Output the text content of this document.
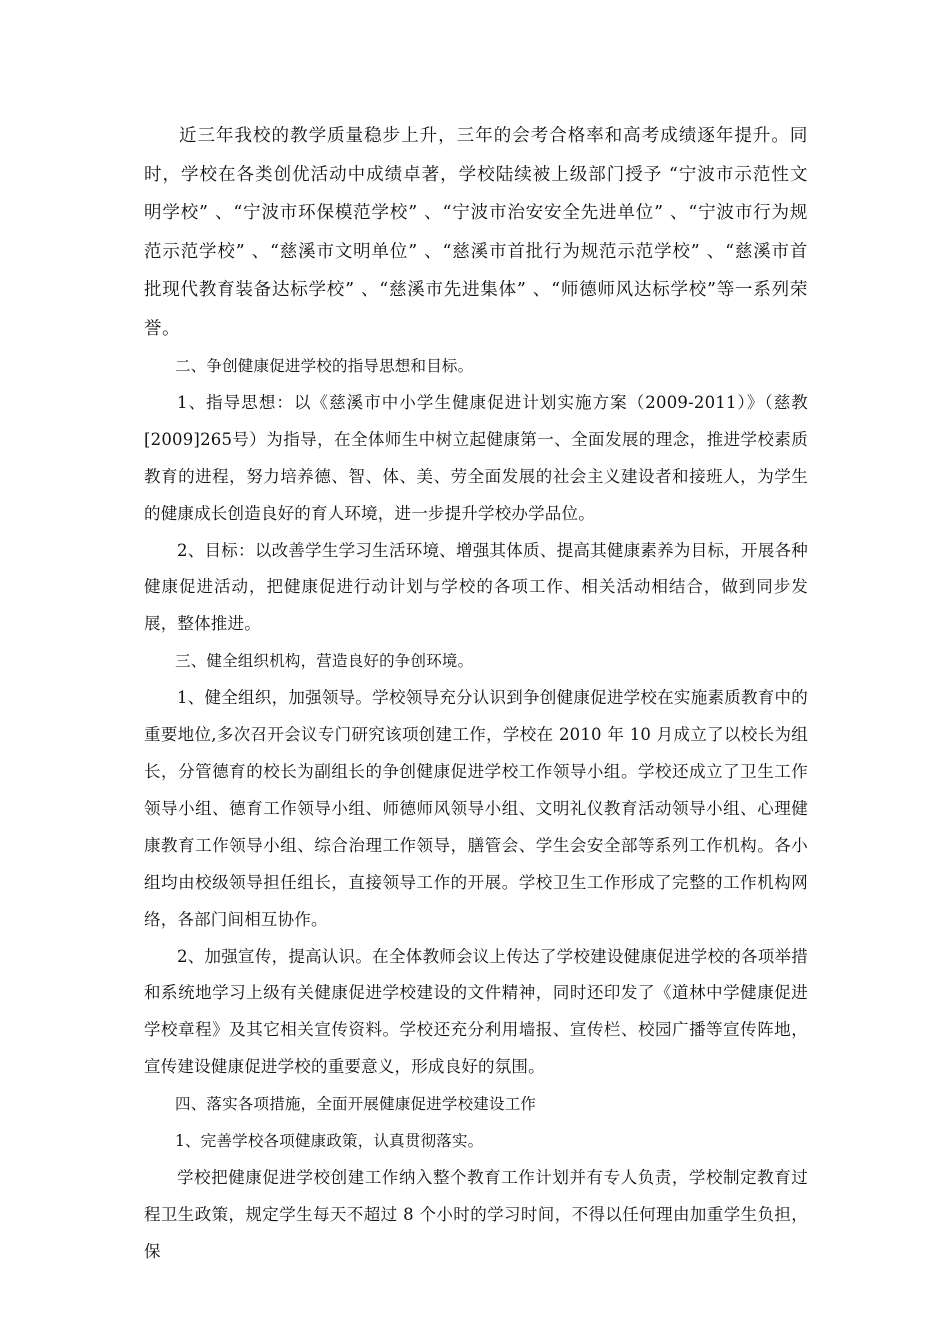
近三年我校的教学质量稳步上升，三年的会考合格率和高考成绩逐年提升。同时，学校在各类创优活动中成绩卓著，学校陆续被上级部门授予 “宁波市示范性文明学校” 、“宁波市环保模范学校” 、“宁波市治安安全先进单位” 、“宁波市行为规范示范学校” 、“慈溪市文明单位” 、“慈溪市首批行为规范示范学校” 、“慈溪市首批现代教育装备达标学校” 、“慈溪市先进集体” 、“师德师风达标学校”等一系列荣誉。

二、争创健康促进学校的指导思想和目标。

1、指导思想：以《慈溪市中小学生健康促进计划实施方案（2009-2011）》（慈教[2009]265号）为指导，在全体师生中树立起健康第一、全面发展的理念，推进学校素质教育的进程，努力培养德、智、体、美、劳全面发展的社会主义建设者和接班人，为学生的健康成长创造良好的育人环境，进一步提升学校办学品位。

2、目标：以改善学生学习生活环境、增强其体质、提高其健康素养为目标，开展各种健康促进活动，把健康促进行动计划与学校的各项工作、相关活动相结合，做到同步发展，整体推进。

三、健全组织机构，营造良好的争创环境。

1、健全组织，加强领导。学校领导充分认识到争创健康促进学校在实施素质教育中的重要地位,多次召开会议专门研究该项创建工作，学校在 2010 年 10 月成立了以校长为组长，分管德育的校长为副组长的争创健康促进学校工作领导小组。学校还成立了卫生工作领导小组、德育工作领导小组、师德师风领导小组、文明礼仪教育活动领导小组、心理健康教育工作领导小组、综合治理工作领导，膳管会、学生会安全部等系列工作机构。各小组均由校级领导担任组长，直接领导工作的开展。学校卫生工作形成了完整的工作机构网络，各部门间相互协作。

2、加强宣传，提高认识。在全体教师会议上传达了学校建设健康促进学校的各项举措和系统地学习上级有关健康促进学校建设的文件精神，同时还印发了《道林中学健康促进学校章程》及其它相关宣传资料。学校还充分利用墙报、宣传栏、校园广播等宣传阵地，宣传建设健康促进学校的重要意义，形成良好的氛围。

四、落实各项措施，全面开展健康促进学校建设工作

1、完善学校各项健康政策，认真贯彻落实。

学校把健康促进学校创建工作纳入整个教育工作计划并有专人负责，学校制定教育过程卫生政策，规定学生每天不超过 8 个小时的学习时间，不得以任何理由加重学生负担，保
